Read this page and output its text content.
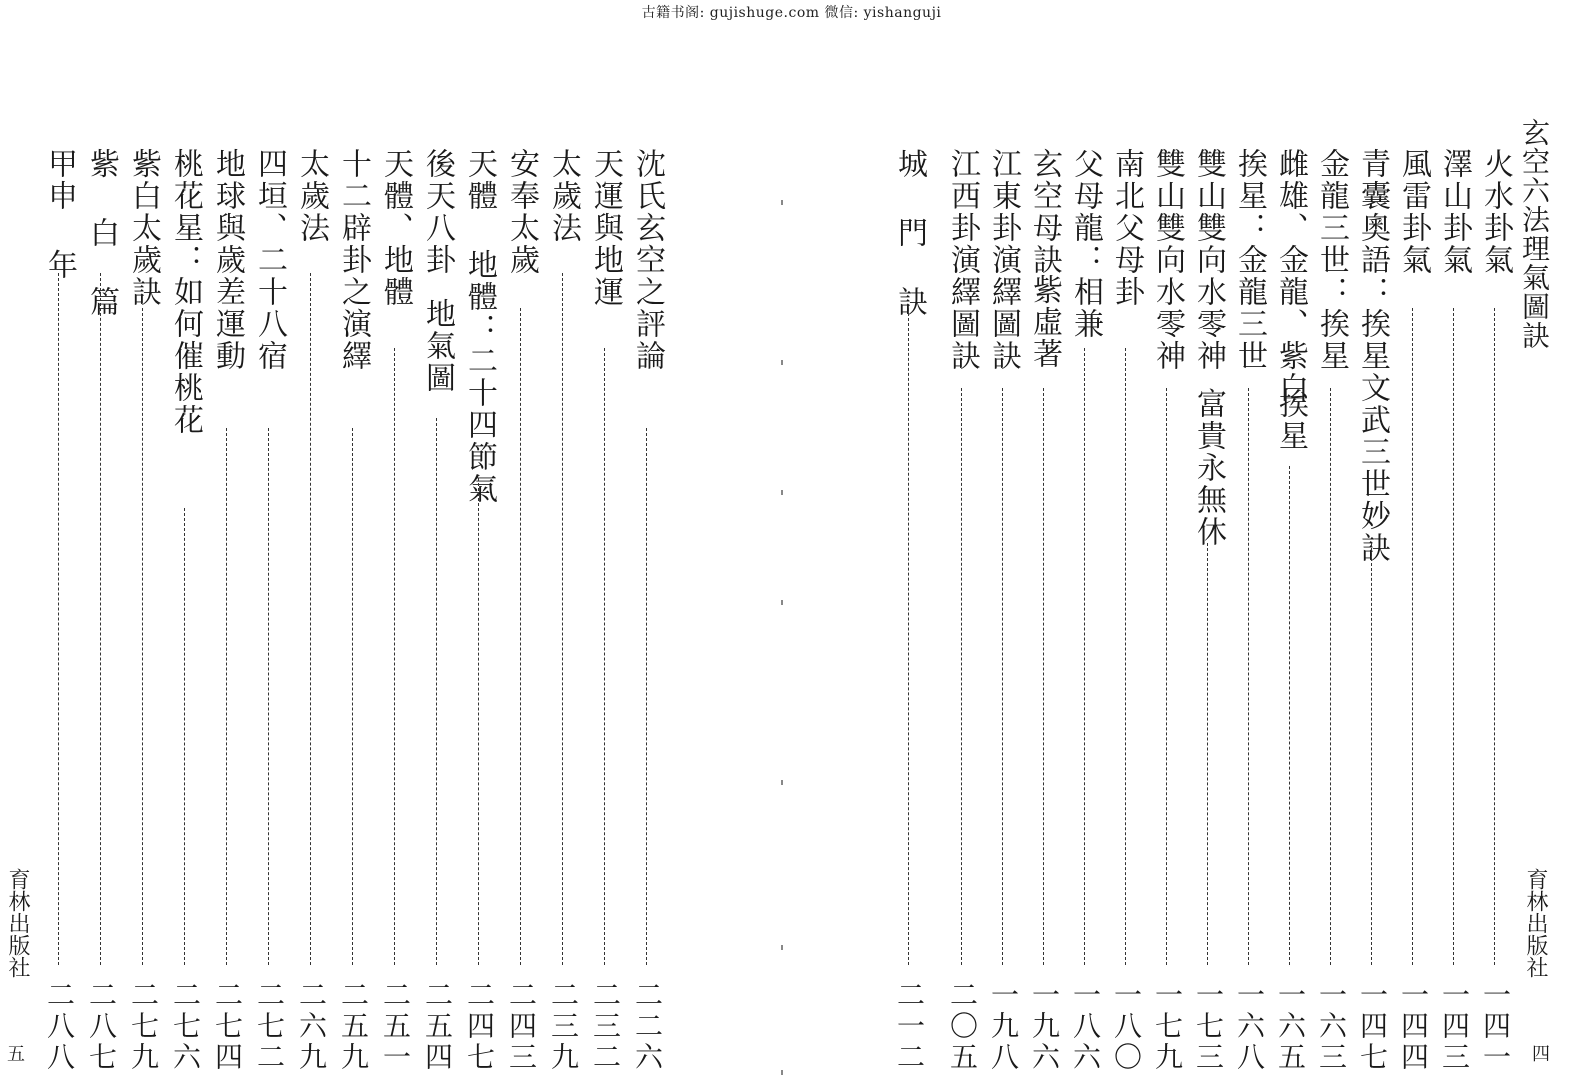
古籍书阁: gujishuge.com 微信: yishanguji
玄空六法理氣圖訣
火水卦氣
一四一
澤山卦氣
一四三
風雷卦氣
一四四
青囊奧語：挨星文武三世妙訣
一四七
金龍三世：挨星
一六三
雌雄、金龍、紫白
挨星
一六五
挨星：金龍三世
一六八
雙山雙向水零神
富貴永無休
一七三
雙山雙向水零神
一七九
南北父母卦
一八〇
父母龍：相兼
一八六
玄空母訣
紫虛著
一九六
江東卦演繹圖訣
一九八
江西卦演繹圖訣
二〇五
城 門 訣
二一二
育林出版社
四
沈氏玄空之評論
二二六
天運與地運
二三二
太歲法
二三九
安奉太歲
二四三
天體 地體：二十四節氣
二四七
後天八卦
地氣圖
二五四
天體、地體
二五一
十二辟卦之演繹
二五九
太歲法
二六九
四垣、二十八宿
二七二
地球與歲差運動
二七四
桃花星：如何催桃花
二七六
紫白太歲訣
二七九
紫 白 篇
二八七
甲申 年
二八八
育林出版社
五
